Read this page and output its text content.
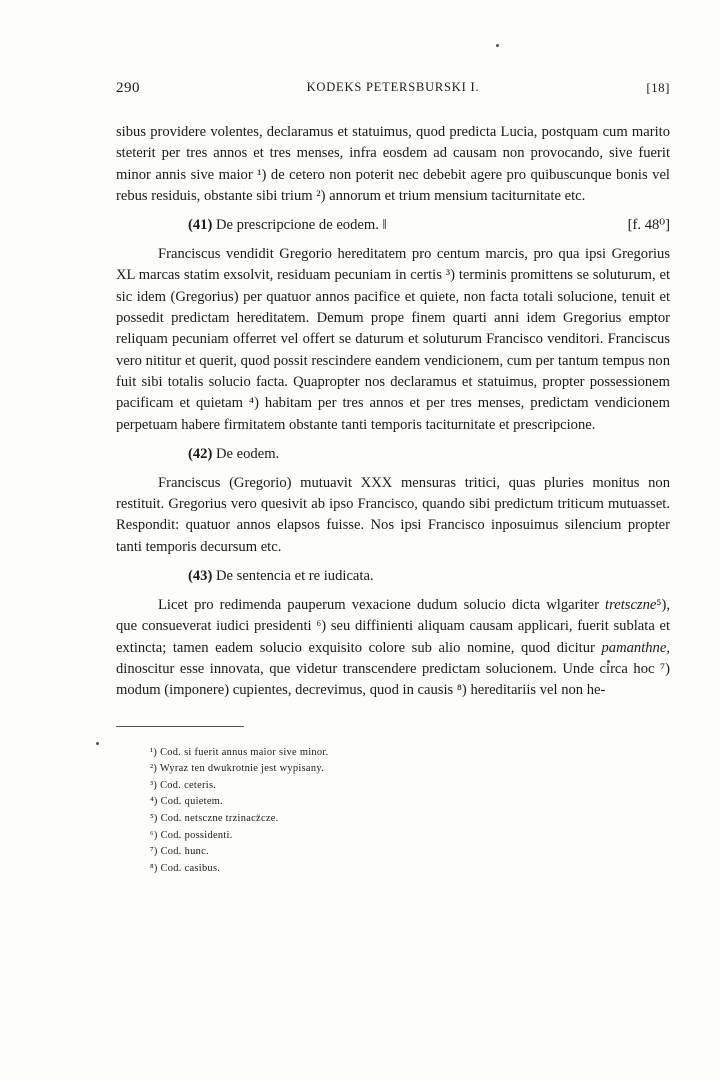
290	KODEKS PETERSBURSKI I.	[18]

sibus providere volentes, declaramus et statuimus, quod predicta Lucia, postquam cum marito steterit per tres annos et tres menses, infra eosdem ad causam non provocando, sive fuerit minor annis sive maior ¹) de cetero non poterit nec debebit agere pro quibuscunque bonis vel rebus residuis, obstante sibi trium ²) annorum et trium mensium taciturnitate etc.

(41) De prescripcione de eodem. ‖	[f. 48⁰]

Franciscus vendidit Gregorio hereditatem pro centum marcis, pro qua ipsi Gregorius XL marcas statim exsolvit, residuam pecuniam in certis ³) terminis promittens se soluturum, et sic idem (Gregorius) per quatuor annos pacifice et quiete, non facta totali solucione, tenuit et possedit predictam hereditatem. Demum prope finem quarti anni idem Gregorius emptor reliquam pecuniam offerret vel offert se daturum et soluturum Francisco venditori. Franciscus vero nititur et querit, quod possit rescindere eandem vendicionem, cum per tantum tempus non fuit sibi totalis solucio facta. Quapropter nos declaramus et statuimus, propter possessionem pacificam et quietam ⁴) habitam per tres annos et per tres menses, predictam vendicionem perpetuam habere firmitatem obstante tanti temporis taciturnitate et prescripcione.

(42) De eodem.

Franciscus (Gregorio) mutuavit XXX mensuras tritici, quas pluries monitus non restituit. Gregorius vero quesivit ab ipso Francisco, quando sibi predictum triticum mutuasset. Respondit: quatuor annos elapsos fuisse. Nos ipsi Francisco inposuimus silencium propter tanti temporis decursum etc.

(43) De sentencia et re iudicata.

Licet pro redimenda pauperum vexacione dudum solucio dicta wlgariter tretscznе⁵), que consueverat iudici presidenti ⁶) seu diffinienti aliquam causam applicari, fuerit sublata et extincta; tamen eadem solucio exquisito colore sub alio nomine, quod dicitur pamanthne, dinoscitur esse innovata, que videtur transcendere predictam solucionem. Unde circa hoc ⁷) modum (imponere) cupientes, decrevimus, quod in causis ⁸) hereditariis vel non he-

¹) Cod. si fuerit annus maior sive minor.
²) Wyraz ten dwukrotnie jest wypisany.
³) Cod. ceteris.
⁴) Cod. quietem.
⁵) Cod. netscznе trzinacz̈cze.
⁶) Cod. possidenti.
⁷) Cod. hunc.
⁸) Cod. casibus.
